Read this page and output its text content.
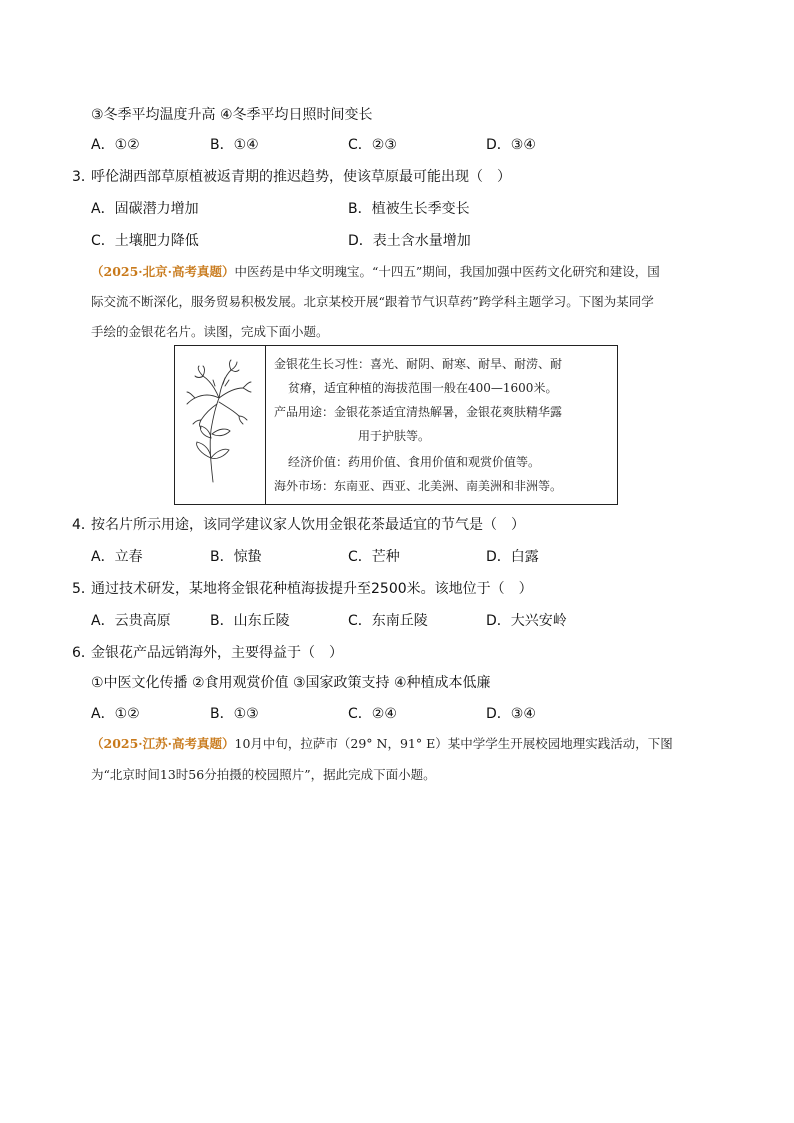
③冬季平均温度升高 ④冬季平均日照时间变长
A．①②	B．①④	C．②③	D．③④
3．
呼伦湖西部草原植被返青期的推迟趋势，使该草原最可能出现（　）
A．固碳潜力增加	B．植被生长季变长
C．土壤肥力降低	D．表土含水量增加
（2025·北京·高考真题）中医药是中华文明瑰宝。“十四五”期间，我国加强中医药文化研究和建设，国
际交流不断深化，服务贸易积极发展。北京某校开展“跟着节气识草药”跨学科主题学习。下图为某同学
手绘的金银花名片。读图，完成下面小题。
金银花生长习性：喜光、耐阴、耐寒、耐旱、耐涝、耐
贫瘠，适宜种植的海拔范围一般在400—1600米。
产品用途：金银花茶适宜清热解暑，金银花爽肤精华露
用于护肤等。
经济价值：药用价值、食用价值和观赏价值等。
海外市场：东南亚、西亚、北美洲、南美洲和非洲等。
4．
按名片所示用途，该同学建议家人饮用金银花茶最适宜的节气是（　）
A．立春	B．惊蛰	C．芒种	D．白露
5．
通过技术研发，某地将金银花种植海拔提升至2500米。该地位于（　）
A．云贵高原	B．山东丘陵	C．东南丘陵	D．大兴安岭
6．
金银花产品远销海外，主要得益于（　）
①中医文化传播 ②食用观赏价值 ③国家政策支持 ④种植成本低廉
A．①②	B．①③	C．②④	D．③④
（2025·江苏·高考真题）10月中旬，拉萨市（29° N，91° E）某中学学生开展校园地理实践活动，下图
为“北京时间13时56分拍摄的校园照片”，据此完成下面小题。
